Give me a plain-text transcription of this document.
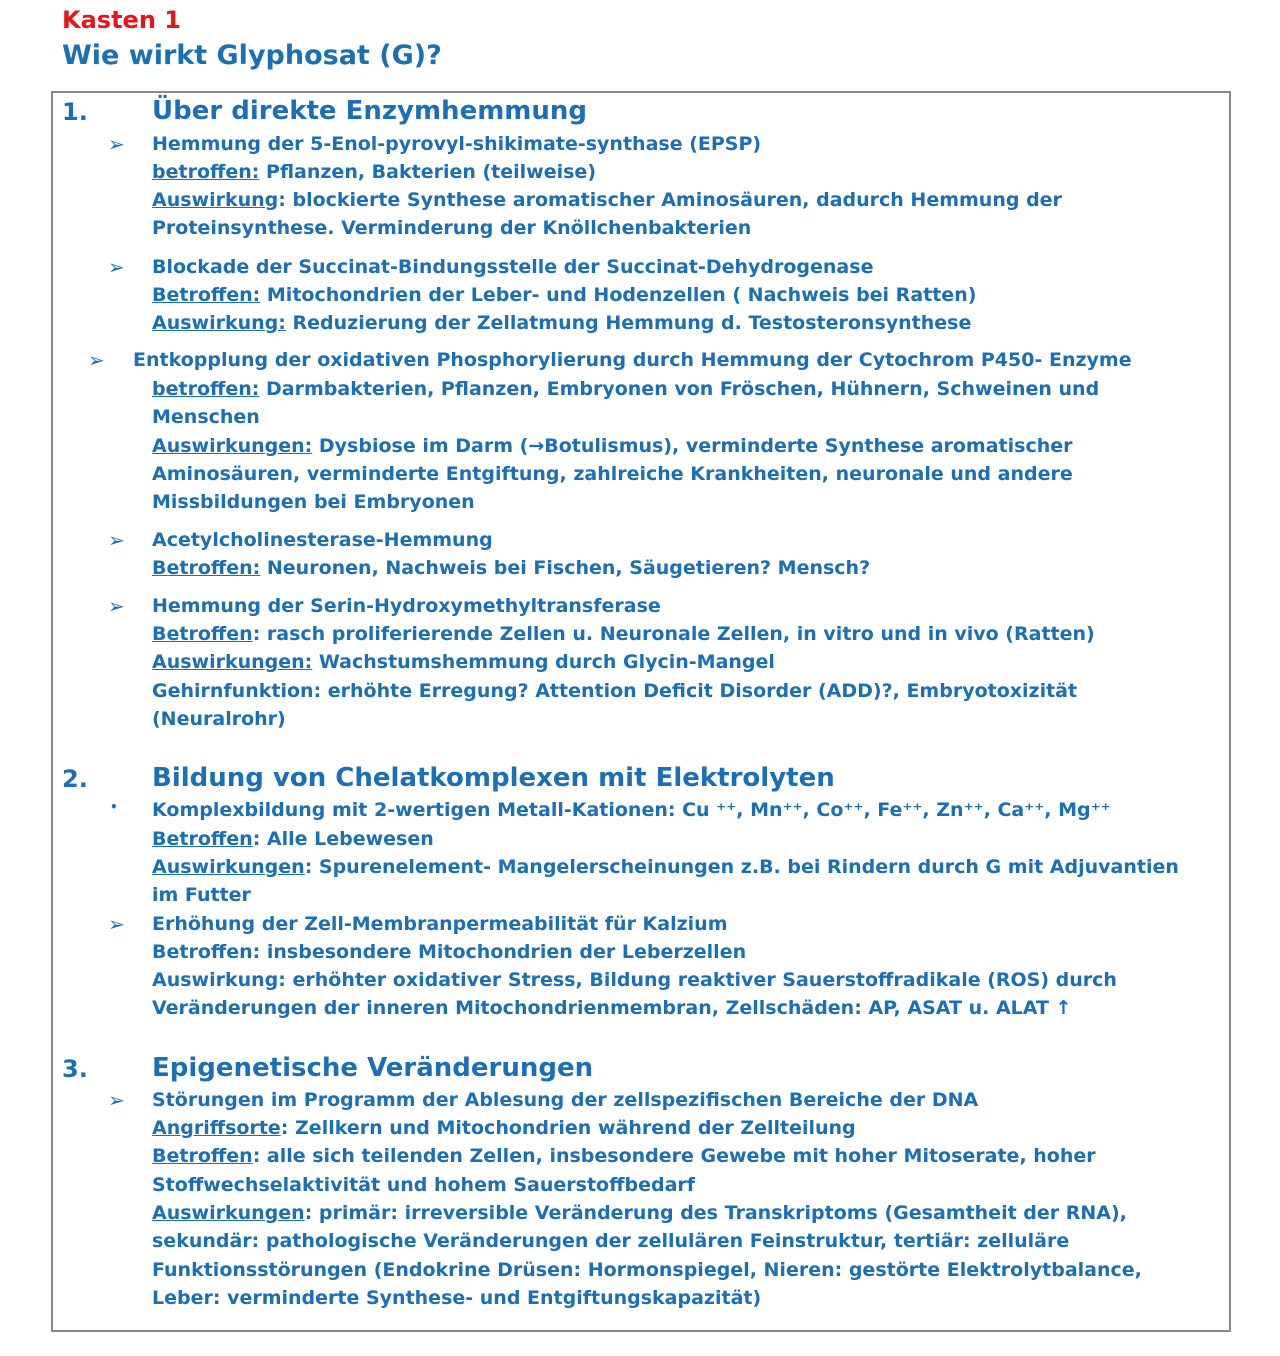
Kasten 1
Wie wirkt Glyphosat (G)?
1. Über direkte Enzymhemmung
➢ Hemmung der 5-Enol-pyrovyl-shikimate-synthase (EPSP)
betroffen: Pflanzen, Bakterien (teilweise)
Auswirkung: blockierte Synthese aromatischer Aminosäuren, dadurch Hemmung der
Proteinsynthese. Verminderung der Knöllchenbakterien
➢ Blockade der Succinat-Bindungsstelle der Succinat-Dehydrogenase
Betroffen: Mitochondrien der Leber- und Hodenzellen ( Nachweis bei Ratten)
Auswirkung: Reduzierung der Zellatmung Hemmung d. Testosteronsynthese
➢ Entkopplung der oxidativen Phosphorylierung durch Hemmung der Cytochrom P450- Enzyme
betroffen: Darmbakterien, Pflanzen, Embryonen von Fröschen, Hühnern, Schweinen und
Menschen
Auswirkungen: Dysbiose im Darm (→Botulismus), verminderte Synthese aromatischer
Aminosäuren, verminderte Entgiftung, zahlreiche Krankheiten, neuronale und andere
Missbildungen bei Embryonen
➢ Acetylcholinesterase-Hemmung
Betroffen: Neuronen, Nachweis bei Fischen, Säugetieren? Mensch?
➢ Hemmung der Serin-Hydroxymethyltransferase
Betroffen: rasch proliferierende Zellen u. Neuronale Zellen, in vitro und in vivo (Ratten)
Auswirkungen: Wachstumshemmung durch Glycin-Mangel
Gehirnfunktion: erhöhte Erregung? Attention Deficit Disorder (ADD)?, Embryotoxizität
(Neuralrohr)
2. Bildung von Chelatkomplexen mit Elektrolyten
• Komplexbildung mit 2-wertigen Metall-Kationen: Cu ⁺⁺, Mn⁺⁺, Co⁺⁺, Fe⁺⁺, Zn⁺⁺, Ca⁺⁺, Mg⁺⁺
Betroffen: Alle Lebewesen
Auswirkungen: Spurenelement- Mangelerscheinungen z.B. bei Rindern durch G mit Adjuvantien
im Futter
➢ Erhöhung der Zell-Membranpermeabilität für Kalzium
Betroffen: insbesondere Mitochondrien der Leberzellen
Auswirkung: erhöhter oxidativer Stress, Bildung reaktiver Sauerstoffradikale (ROS) durch
Veränderungen der inneren Mitochondrienmembran, Zellschäden: AP, ASAT u. ALAT ↑
3. Epigenetische Veränderungen
➢ Störungen im Programm der Ablesung der zellspezifischen Bereiche der DNA
Angriffsorte: Zellkern und Mitochondrien während der Zellteilung
Betroffen: alle sich teilenden Zellen, insbesondere Gewebe mit hoher Mitoserate, hoher
Stoffwechselaktivität und hohem Sauerstoffbedarf
Auswirkungen: primär: irreversible Veränderung des Transkriptoms (Gesamtheit der RNA),
sekundär: pathologische Veränderungen der zellulären Feinstruktur, tertiär: zelluläre
Funktionsstörungen (Endokrine Drüsen: Hormonspiegel, Nieren: gestörte Elektrolytbalance,
Leber: verminderte Synthese- und Entgiftungskapazität)
